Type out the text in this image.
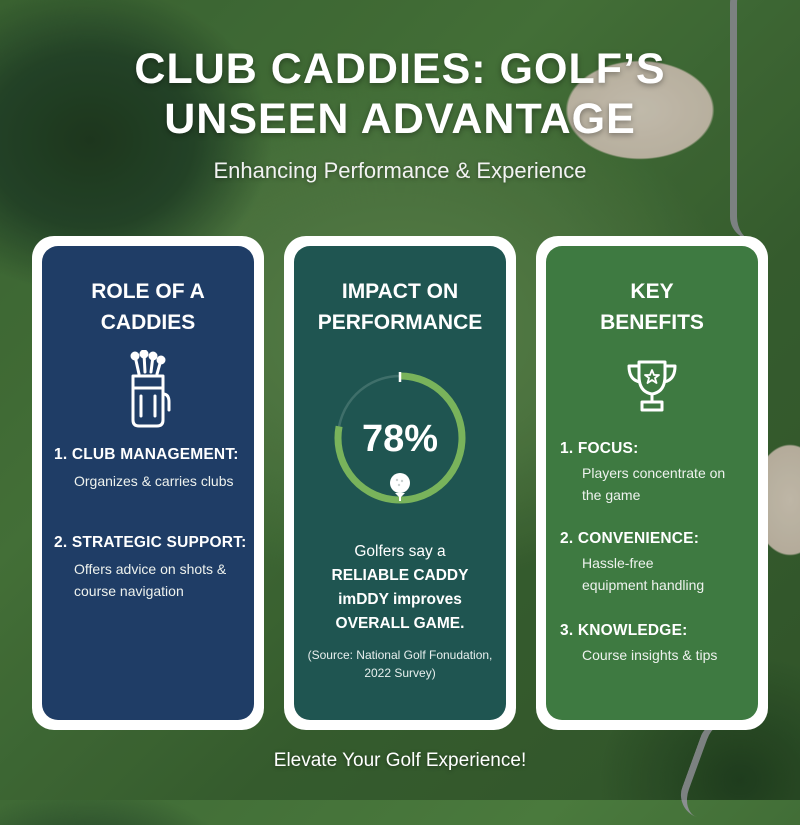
CLUB CADDIES: GOLF’S
UNSEEN ADVANTAGE
Enhancing Performance & Experience
ROLE OF A
CADDIES
1. CLUB MANAGEMENT:
Organizes & carries clubs
2. STRATEGIC SUPPORT:
Offers advice on shots &
course navigation
IMPACT ON
PERFORMANCE
78%
Golfers say a
RELIABLE CADDY
imDDY improves
OVERALL GAME.
(Source: National Golf Fonudation,
2022 Survey)
KEY
BENEFITS
1. FOCUS:
Players concentrate on
the game
2. CONVENIENCE:
Hassle-free
equipment handling
3. KNOWLEDGE:
Course insights & tips
Elevate Your Golf Experience!
